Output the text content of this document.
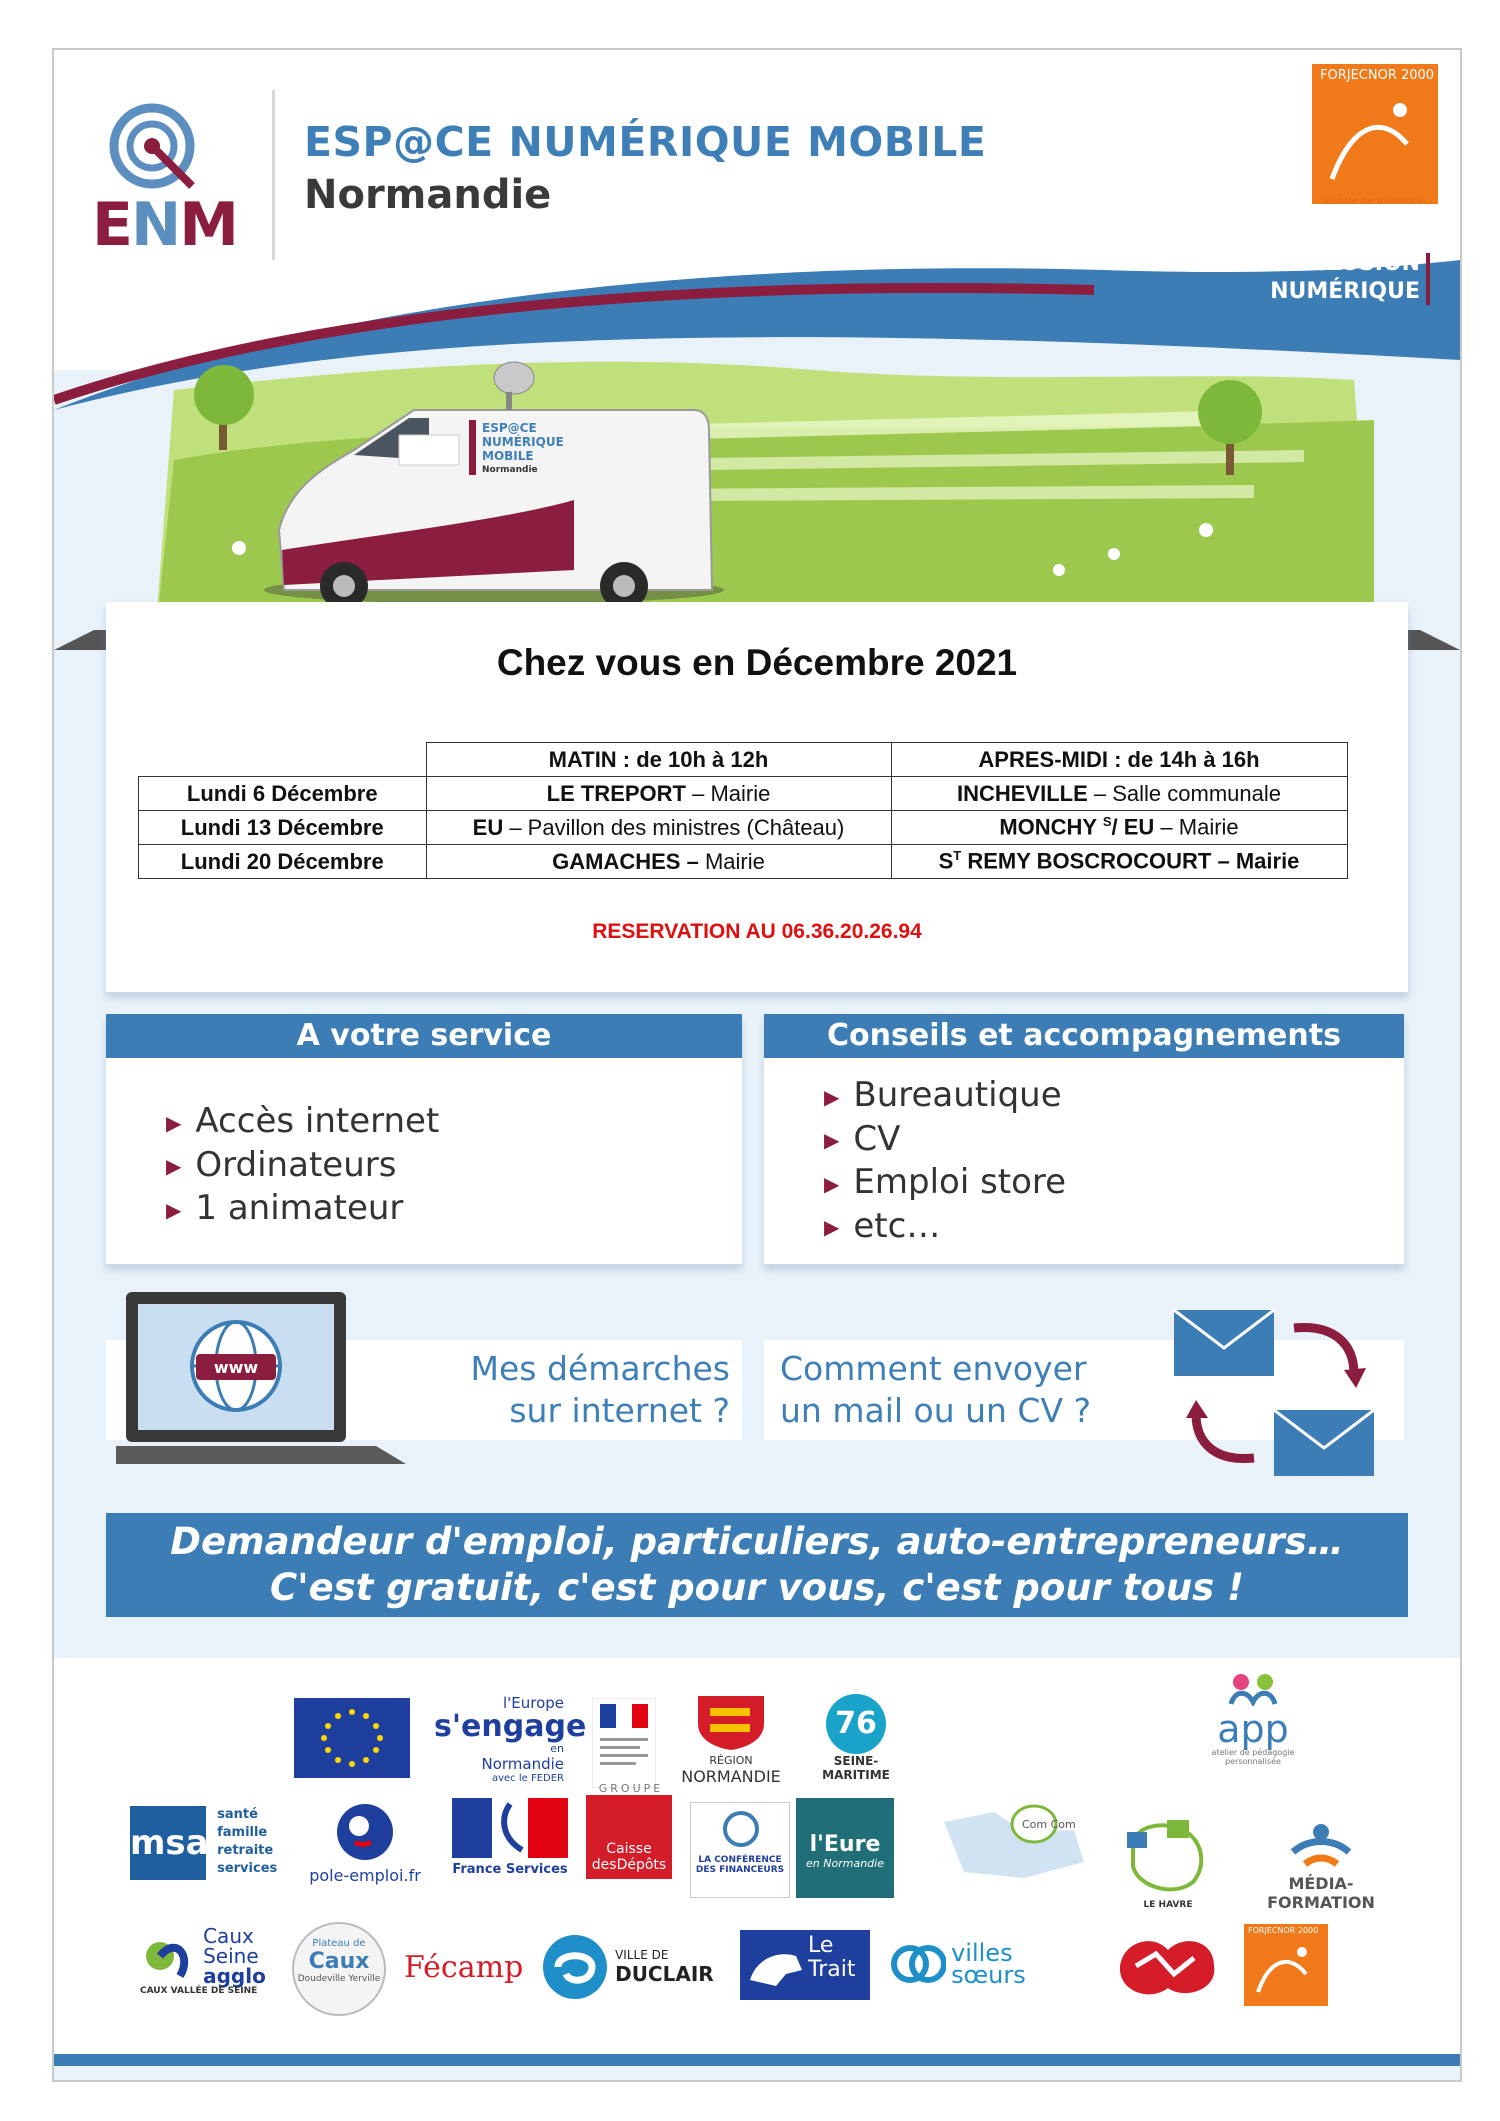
ENM
ESP@CE NUMÉRIQUE MOBILE
Normandie
FORJECNOR 2000
Centre de formation
POUR L'INCLUSION
NUMÉRIQUE
ESP@CE
NUMÉRIQUE
MOBILE
Normandie
Chez vous en Décembre 2021
	MATIN : de 10h à 12h	APRES-MIDI : de 14h à 16h
Lundi 6 Décembre	LE TREPORT – Mairie	INCHEVILLE – Salle communale
Lundi 13 Décembre	EU – Pavillon des ministres (Château)	MONCHY $^S$/ EU – Mairie
Lundi 20 Décembre	GAMACHES – Mairie	$S^T$ REMY BOSCROCOURT – Mairie
RESERVATION AU 06.36.20.26.94
A votre service
▶ Accès internet
▶ Ordinateurs
▶ 1 animateur
Conseils et accompagnements
▶ Bureautique
▶ CV
▶ Emploi store
▶ etc…
Mes démarches
sur internet ?
www	Comment envoyer
un mail ou un CV ?
Demandeur d'emploi, particuliers, auto-entrepreneurs…
C'est gratuit, c'est pour vous, c'est pour tous !
l'Europe
s'engage
en
Normandie
avec le FEDER
RÉGION
NORMANDIE
76
SEINE-MARITIME
app
atelier de pédagogie personnalisée
msa
santé
famille
retraite
services	pole-emploi.fr	France Services
GROUPE
Caisse
desDépôts	LA CONFÉRENCE DES FINANCEURS
l'Eure
en Normandie
Com Com
LE HAVRE
MÉDIA-FORMATION

Caux
Seine
agglo
CAUX VALLÉE DE SEINE
Plateau de
Caux
Doudeville Yerville Fécamp
	VILLE DE
DUCLAIR
Le
Trait

villes
sœurs
FORJECNOR 2000
